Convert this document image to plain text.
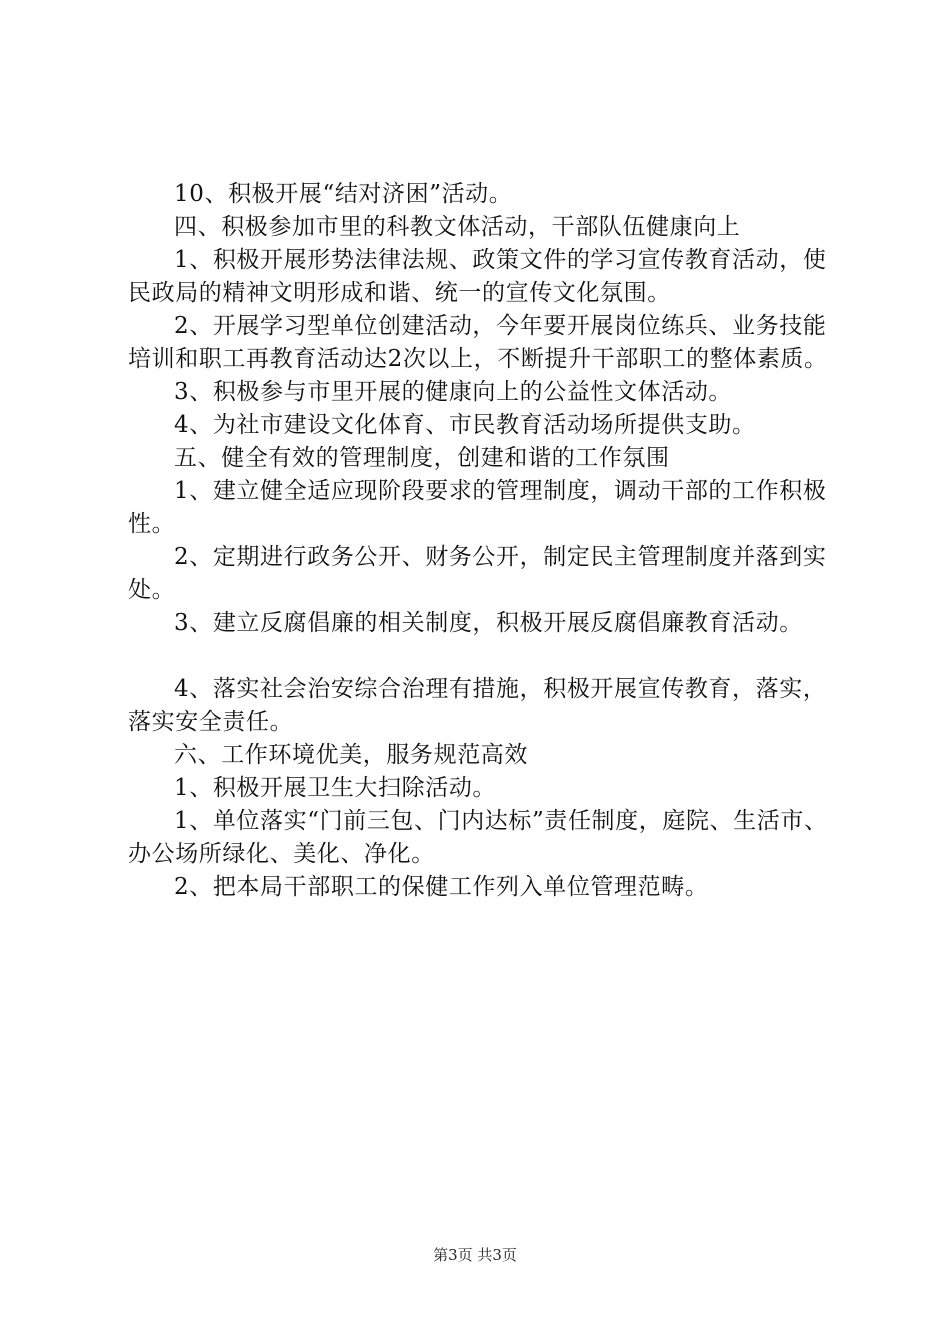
10、积极开展“结对济困”活动。

四、积极参加市里的科教文体活动，干部队伍健康向上

1、积极开展形势法律法规、政策文件的学习宣传教育活动，使民政局的精神文明形成和谐、统一的宣传文化氛围。

2、开展学习型单位创建活动，今年要开展岗位练兵、业务技能培训和职工再教育活动达2次以上，不断提升干部职工的整体素质。

3、积极参与市里开展的健康向上的公益性文体活动。

4、为社市建设文化体育、市民教育活动场所提供支助。

五、健全有效的管理制度，创建和谐的工作氛围

1、建立健全适应现阶段要求的管理制度，调动干部的工作积极性。

2、定期进行政务公开、财务公开，制定民主管理制度并落到实处。

3、建立反腐倡廉的相关制度，积极开展反腐倡廉教育活动。

4、落实社会治安综合治理有措施，积极开展宣传教育，落实，落实安全责任。

六、工作环境优美，服务规范高效

1、积极开展卫生大扫除活动。

1、单位落实“门前三包、门内达标”责任制度，庭院、生活市、办公场所绿化、美化、净化。

2、把本局干部职工的保健工作列入单位管理范畴。

第3页 共3页
